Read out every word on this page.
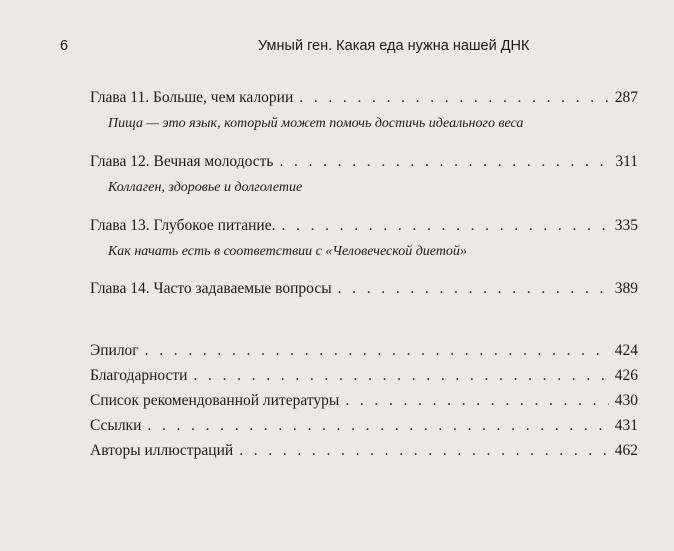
6	Умный ген. Какая еда нужна нашей ДНК
Глава 11. Больше, чем калории . . .	287
Пища — это язык, который может помочь достичь идеального веса
Глава 12. Вечная молодость . . .	311
Коллаген, здоровье и долголетие
Глава 13. Глубокое питание. . . .	335
Как начать есть в соответствии с «Человеческой диетой»
Глава 14. Часто задаваемые вопросы . . .	389
Эпилог . . .	424
Благодарности . . .	426
Список рекомендованной литературы . . .	430
Ссылки . . .	431
Авторы иллюстраций . . .	462
